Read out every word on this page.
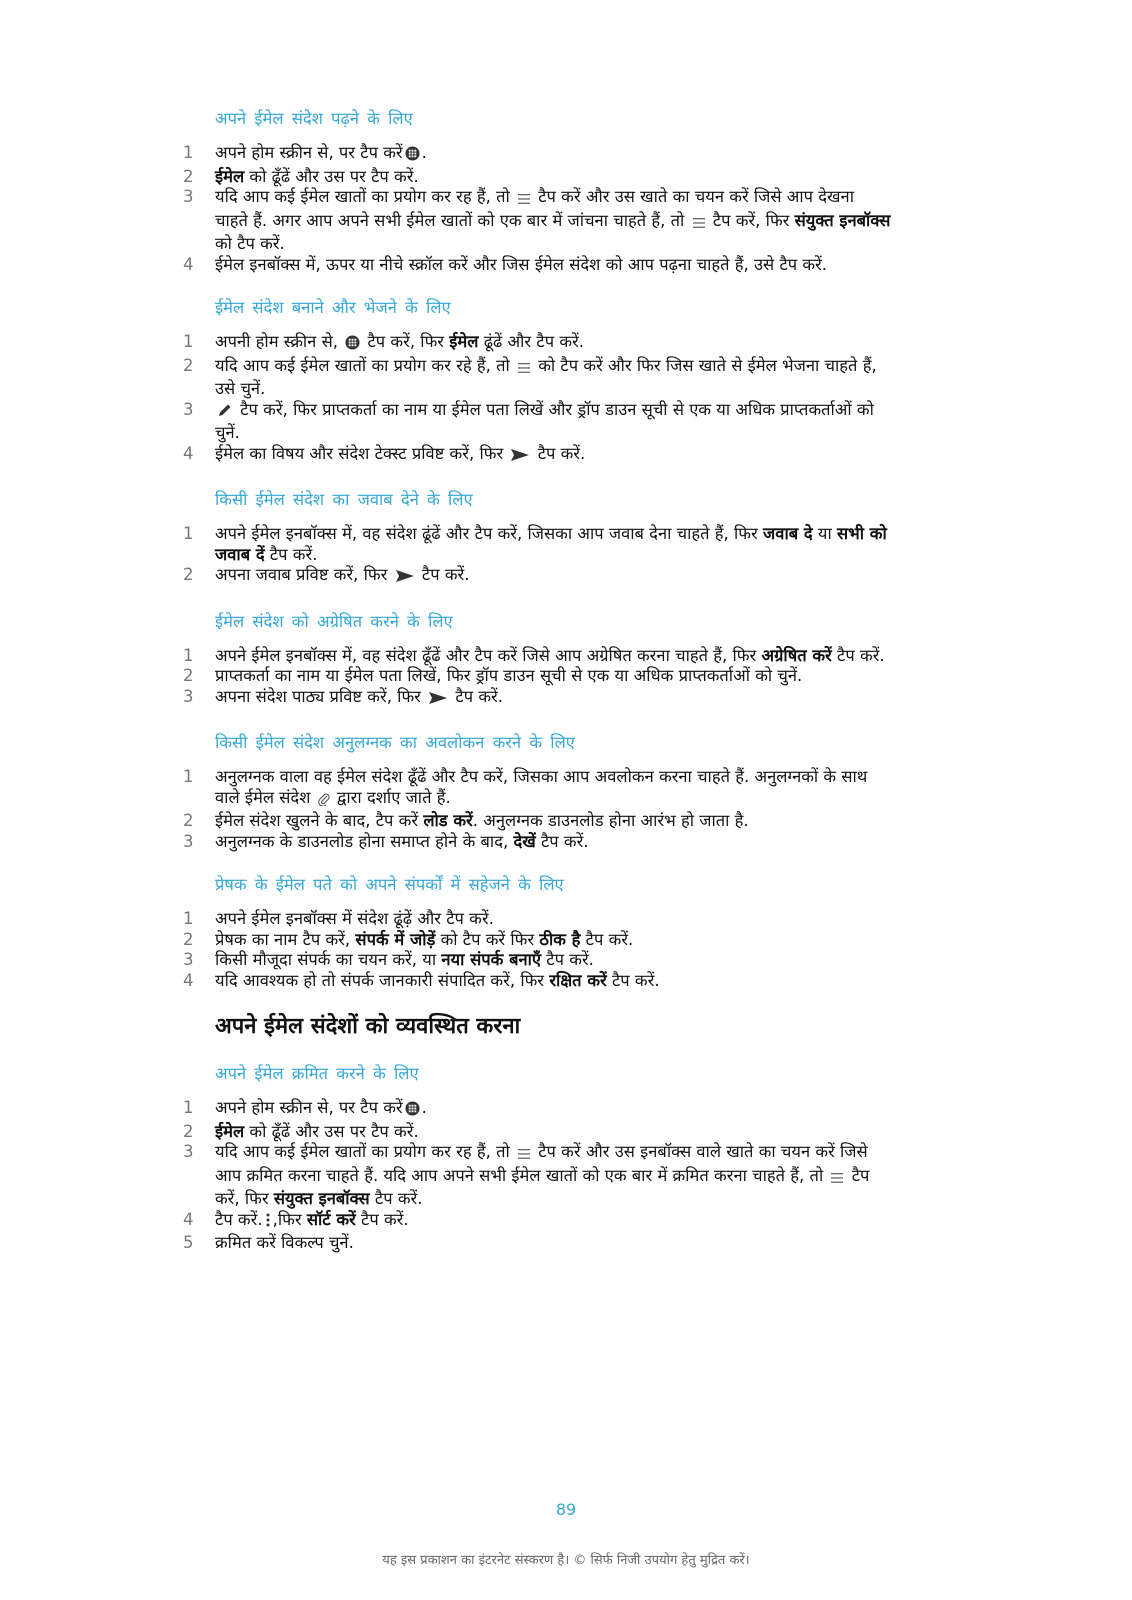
अपने ईमेल संदेश पढ़ने के लिए
1	अपने होम स्क्रीन से, पर टैप करें .
2	ईमेल को ढूँढें और उस पर टैप करें.
3	यदि आप कई ईमेल खातों का प्रयोग कर रह हैं, तो  टैप करें और उस खाते का चयन करें जिसे आप देखना चाहते हैं. अगर आप अपने सभी ईमेल खातों को एक बार में जांचना चाहते हैं, तो  टैप करें, फिर संयुक्त इनबॉक्स को टैप करें.
4	ईमेल इनबॉक्स में, ऊपर या नीचे स्क्रॉल करें और जिस ईमेल संदेश को आप पढ़ना चाहते हैं, उसे टैप करें.
ईमेल संदेश बनाने और भेजने के लिए
1	अपनी होम स्क्रीन से,  टैप करें, फिर ईमेल ढूंढें और टैप करें.
2	यदि आप कई ईमेल खातों का प्रयोग कर रहे हैं, तो  को टैप करें और फिर जिस खाते से ईमेल भेजना चाहते हैं, उसे चुनें.
3	टैप करें, फिर प्राप्तकर्ता का नाम या ईमेल पता लिखें और ड्रॉप डाउन सूची से एक या अधिक प्राप्तकर्ताओं को चुनें.
4	ईमेल का विषय और संदेश टेक्स्ट प्रविष्ट करें, फिर  टैप करें.
किसी ईमेल संदेश का जवाब देने के लिए
1	अपने ईमेल इनबॉक्स में, वह संदेश ढूंढें और टैप करें, जिसका आप जवाब देना चाहते हैं, फिर जवाब दे या सभी को जवाब दें टैप करें.
2	अपना जवाब प्रविष्ट करें, फिर  टैप करें.
ईमेल संदेश को अग्रेषित करने के लिए
1	अपने ईमेल इनबॉक्स में, वह संदेश ढूँढें और टैप करें जिसे आप अग्रेषित करना चाहते हैं, फिर अग्रेषित करें टैप करें.
2	प्राप्तकर्ता का नाम या ईमेल पता लिखें, फिर ड्रॉप डाउन सूची से एक या अधिक प्राप्तकर्ताओं को चुनें.
3	अपना संदेश पाठ्य प्रविष्ट करें, फिर  टैप करें.
किसी ईमेल संदेश अनुलग्नक का अवलोकन करने के लिए
1	अनुलग्नक वाला वह ईमेल संदेश ढूँढें और टैप करें, जिसका आप अवलोकन करना चाहते हैं. अनुलग्नकों के साथ वाले ईमेल संदेश  द्वारा दर्शाए जाते हैं.
2	ईमेल संदेश खुलने के बाद, टैप करें लोड करें. अनुलग्नक डाउनलोड होना आरंभ हो जाता है.
3	अनुलग्नक के डाउनलोड होना समाप्त होने के बाद, देखें टैप करें.
प्रेषक के ईमेल पते को अपने संपर्कों में सहेजने के लिए
1	अपने ईमेल इनबॉक्स में संदेश ढूंढ़ें और टैप करें.
2	प्रेषक का नाम टैप करें, संपर्क में जोड़ें को टैप करें फिर ठीक है टैप करें.
3	किसी मौजूदा संपर्क का चयन करें, या नया संपर्क बनाएँ टैप करें.
4	यदि आवश्यक हो तो संपर्क जानकारी संपादित करें, फिर रक्षित करें टैप करें.
अपने ईमेल संदेशों को व्यवस्थित करना
अपने ईमेल क्रमित करने के लिए
1	अपने होम स्क्रीन से, पर टैप करें .
2	ईमेल को ढूँढें और उस पर टैप करें.
3	यदि आप कई ईमेल खातों का प्रयोग कर रह हैं, तो  टैप करें और उस इनबॉक्स वाले खाते का चयन करें जिसे आप क्रमित करना चाहते हैं. यदि आप अपने सभी ईमेल खातों को एक बार में क्रमित करना चाहते हैं, तो  टैप करें, फिर संयुक्त इनबॉक्स टैप करें.
4	टैप करें. ,फिर सॉर्ट करें टैप करें.
5	क्रमित करें विकल्प चुनें.
89
यह इस प्रकाशन का इंटरनेट संस्करण है। © सिर्फ निजी उपयोग हेतु मुद्रित करें।
